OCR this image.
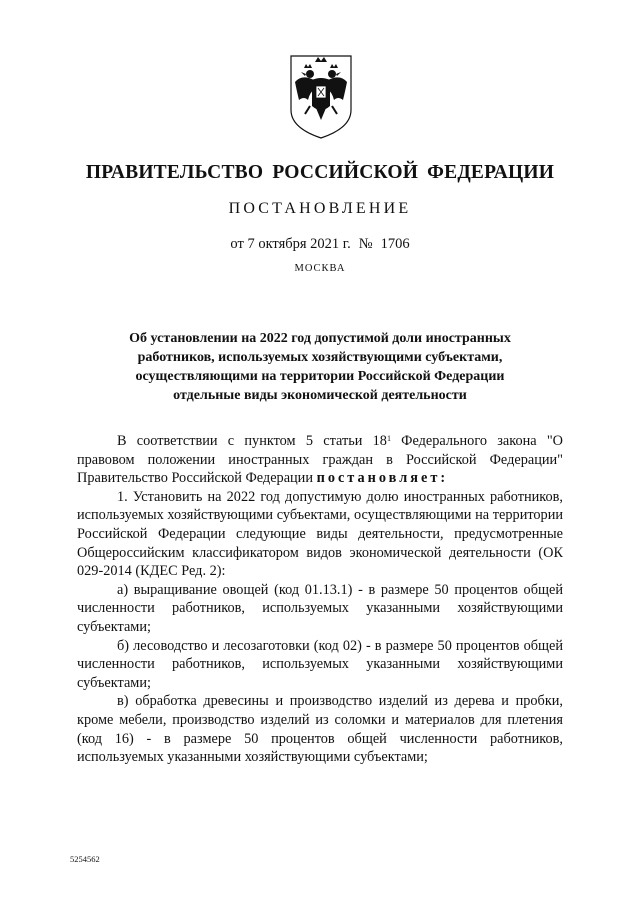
ПРАВИТЕЛЬСТВО РОССИЙСКОЙ ФЕДЕРАЦИИ
ПОСТАНОВЛЕНИЕ
от 7 октября 2021 г. № 1706
МОСКВА
Об установлении на 2022 год допустимой доли иностранных
работников, используемых хозяйствующими субъектами,
осуществляющими на территории Российской Федерации
отдельные виды экономической деятельности

В соответствии с пунктом 5 статьи $18^1$ Федерального закона "О правовом положении иностранных граждан в Российской Федерации" Правительство Российской Федерации постановляет:

1. Установить на 2022 год допустимую долю иностранных работников, используемых хозяйствующими субъектами, осуществляющими на территории Российской Федерации следующие виды деятельности, предусмотренные Общероссийским классификатором видов экономической деятельности (ОК 029-2014 (КДЕС Ред. 2):

а) выращивание овощей (код 01.13.1) - в размере 50 процентов общей численности работников, используемых указанными хозяйствующими субъектами;

б) лесоводство и лесозаготовки (код 02) - в размере 50 процентов общей численности работников, используемых указанными хозяйствующими субъектами;

в) обработка древесины и производство изделий из дерева и пробки, кроме мебели, производство изделий из соломки и материалов для плетения (код 16) - в размере 50 процентов общей численности работников, используемых указанными хозяйствующими субъектами;

5254562
